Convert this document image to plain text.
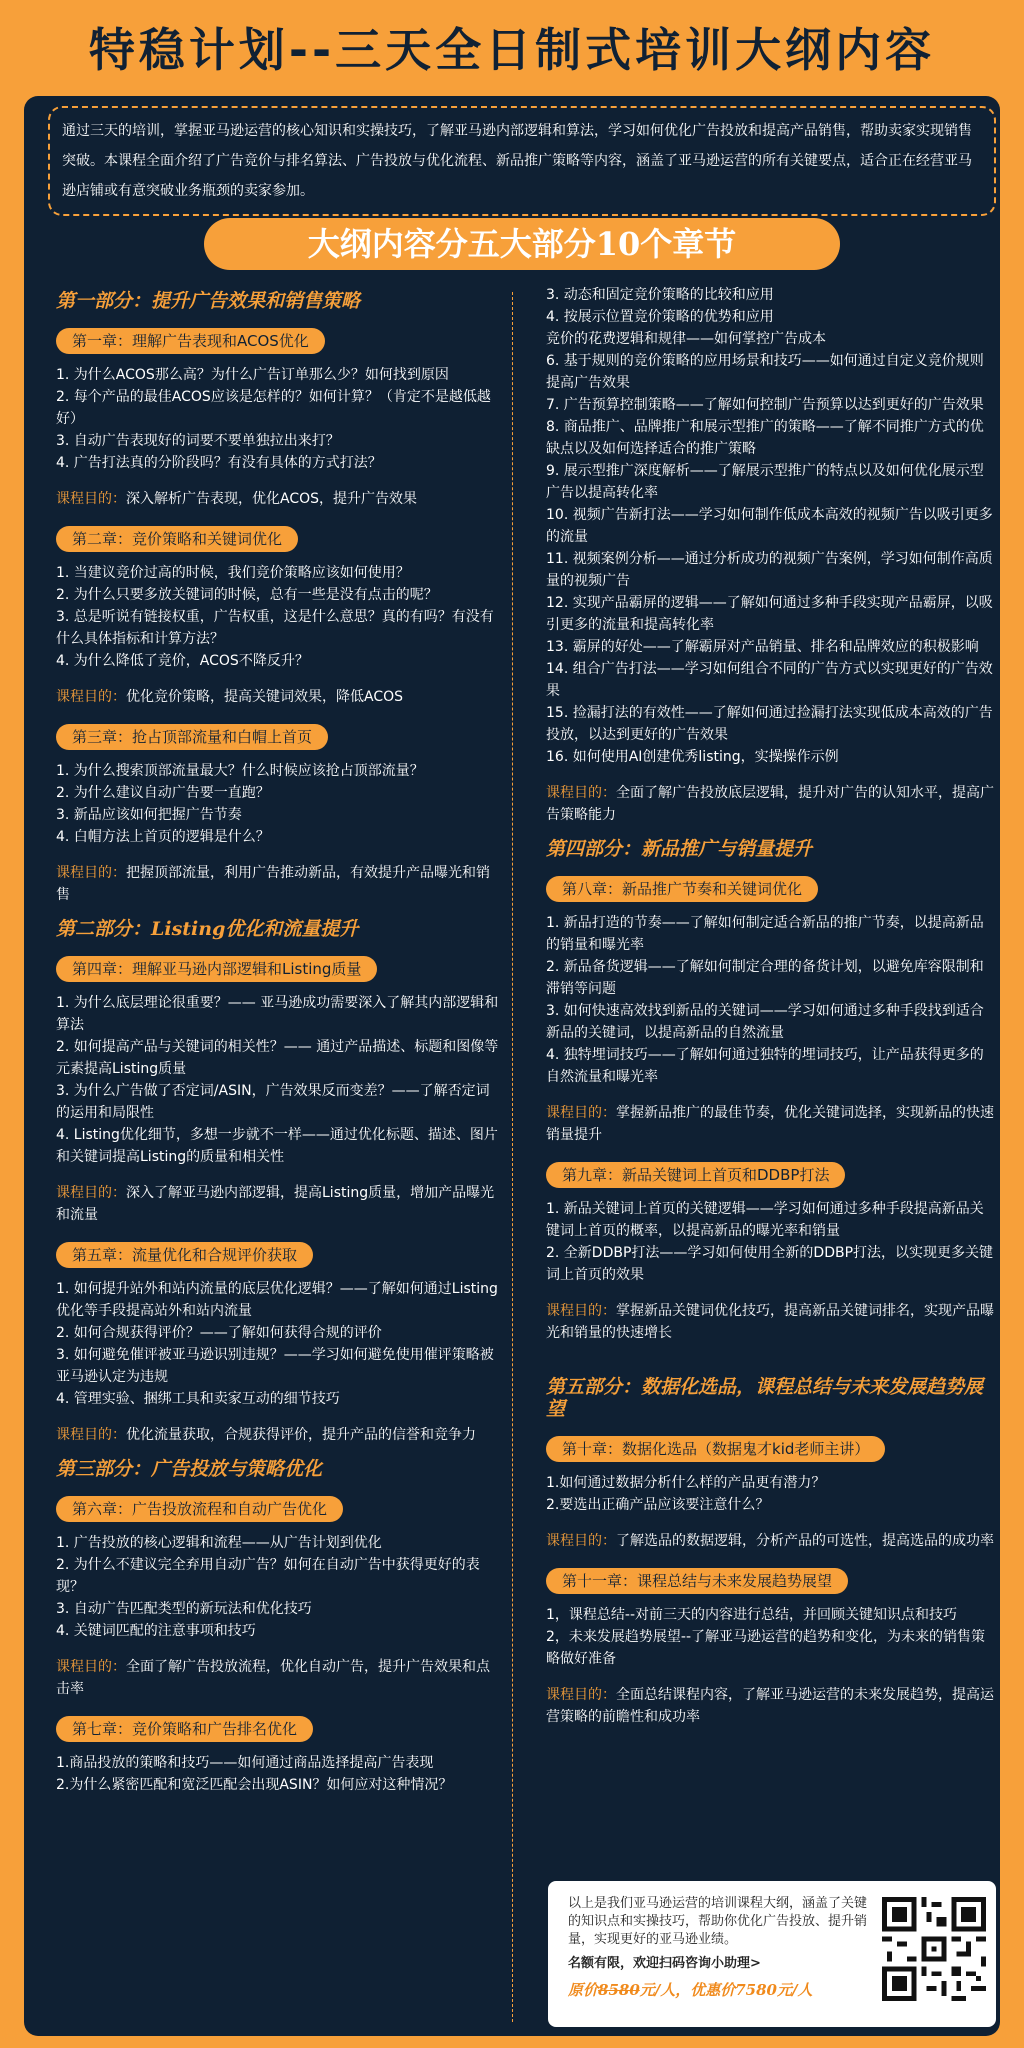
特稳计划--三天全日制式培训大纲内容
通过三天的培训，掌握亚马逊运营的核心知识和实操技巧，了解亚马逊内部逻辑和算法，学习如何优化广告投放和提高产品销售，帮助卖家实现销售突破。本课程全面介绍了广告竞价与排名算法、广告投放与优化流程、新品推广策略等内容，涵盖了亚马逊运营的所有关键要点，适合正在经营亚马逊店铺或有意突破业务瓶颈的卖家参加。
大纲内容分五大部分10个章节
第一部分：提升广告效果和销售策略
第一章：理解广告表现和ACOS优化
1. 为什么ACOS那么高？为什么广告订单那么少？如何找到原因
2. 每个产品的最佳ACOS应该是怎样的？如何计算？（肯定不是越低越好）
3. 自动广告表现好的词要不要单独拉出来打？
4. 广告打法真的分阶段吗？有没有具体的方式打法？
课程目的：深入解析广告表现，优化ACOS，提升广告效果
第二章：竞价策略和关键词优化
1. 当建议竞价过高的时候，我们竞价策略应该如何使用？
2. 为什么只要多放关键词的时候，总有一些是没有点击的呢？
3. 总是听说有链接权重，广告权重，这是什么意思？真的有吗？有没有什么具体指标和计算方法？
4. 为什么降低了竞价，ACOS不降反升？
课程目的：优化竞价策略，提高关键词效果，降低ACOS
第三章：抢占顶部流量和白帽上首页
1. 为什么搜索顶部流量最大？什么时候应该抢占顶部流量？
2. 为什么建议自动广告要一直跑？
3. 新品应该如何把握广告节奏
4. 白帽方法上首页的逻辑是什么？
课程目的：把握顶部流量，利用广告推动新品，有效提升产品曝光和销售
第二部分：Listing优化和流量提升
第四章：理解亚马逊内部逻辑和Listing质量
1. 为什么底层理论很重要？—— 亚马逊成功需要深入了解其内部逻辑和算法
2. 如何提高产品与关键词的相关性？—— 通过产品描述、标题和图像等元素提高Listing质量
3. 为什么广告做了否定词/ASIN，广告效果反而变差？——了解否定词的运用和局限性
4. Listing优化细节，多想一步就不一样——通过优化标题、描述、图片和关键词提高Listing的质量和相关性
课程目的：深入了解亚马逊内部逻辑，提高Listing质量，增加产品曝光和流量
第五章：流量优化和合规评价获取
1. 如何提升站外和站内流量的底层优化逻辑？——了解如何通过Listing优化等手段提高站外和站内流量
2. 如何合规获得评价？——了解如何获得合规的评价
3. 如何避免催评被亚马逊识别违规？——学习如何避免使用催评策略被亚马逊认定为违规
4. 管理实验、捆绑工具和卖家互动的细节技巧
课程目的：优化流量获取，合规获得评价，提升产品的信誉和竞争力
第三部分：广告投放与策略优化
第六章：广告投放流程和自动广告优化
1. 广告投放的核心逻辑和流程——从广告计划到优化
2. 为什么不建议完全弃用自动广告？如何在自动广告中获得更好的表现？
3. 自动广告匹配类型的新玩法和优化技巧
4. 关键词匹配的注意事项和技巧
课程目的：全面了解广告投放流程，优化自动广告，提升广告效果和点击率
第七章：竞价策略和广告排名优化
1.商品投放的策略和技巧——如何通过商品选择提高广告表现
2.为什么紧密匹配和宽泛匹配会出现ASIN？如何应对这种情况？
3. 动态和固定竞价策略的比较和应用
4. 按展示位置竞价策略的优势和应用
竞价的花费逻辑和规律——如何掌控广告成本
6. 基于规则的竞价策略的应用场景和技巧——如何通过自定义竞价规则提高广告效果
7. 广告预算控制策略——了解如何控制广告预算以达到更好的广告效果
8. 商品推广、品牌推广和展示型推广的策略——了解不同推广方式的优缺点以及如何选择适合的推广策略
9. 展示型推广深度解析——了解展示型推广的特点以及如何优化展示型广告以提高转化率
10. 视频广告新打法——学习如何制作低成本高效的视频广告以吸引更多的流量
11. 视频案例分析——通过分析成功的视频广告案例，学习如何制作高质量的视频广告
12. 实现产品霸屏的逻辑——了解如何通过多种手段实现产品霸屏，以吸引更多的流量和提高转化率
13. 霸屏的好处——了解霸屏对产品销量、排名和品牌效应的积极影响
14. 组合广告打法——学习如何组合不同的广告方式以实现更好的广告效果
15. 捡漏打法的有效性——了解如何通过捡漏打法实现低成本高效的广告投放，以达到更好的广告效果
16. 如何使用AI创建优秀listing，实操操作示例
课程目的：全面了解广告投放底层逻辑，提升对广告的认知水平，提高广告策略能力
第四部分：新品推广与销量提升
第八章：新品推广节奏和关键词优化
1. 新品打造的节奏——了解如何制定适合新品的推广节奏，以提高新品的销量和曝光率
2. 新品备货逻辑——了解如何制定合理的备货计划，以避免库容限制和滞销等问题
3. 如何快速高效找到新品的关键词——学习如何通过多种手段找到适合新品的关键词，以提高新品的自然流量
4. 独特埋词技巧——了解如何通过独特的埋词技巧，让产品获得更多的自然流量和曝光率
课程目的：掌握新品推广的最佳节奏，优化关键词选择，实现新品的快速销量提升
第九章：新品关键词上首页和DDBP打法
1. 新品关键词上首页的关键逻辑——学习如何通过多种手段提高新品关键词上首页的概率，以提高新品的曝光率和销量
2. 全新DDBP打法——学习如何使用全新的DDBP打法，以实现更多关键词上首页的效果
课程目的：掌握新品关键词优化技巧，提高新品关键词排名，实现产品曝光和销量的快速增长
第五部分：数据化选品，课程总结与未来发展趋势展望
第十章：数据化选品（数据鬼才kid老师主讲）
1.如何通过数据分析什么样的产品更有潜力？
2.要选出正确产品应该要注意什么？
课程目的：了解选品的数据逻辑，分析产品的可选性，提高选品的成功率
第十一章：课程总结与未来发展趋势展望
1，课程总结--对前三天的内容进行总结，并回顾关键知识点和技巧
2，未来发展趋势展望--了解亚马逊运营的趋势和变化，为未来的销售策略做好准备
课程目的：全面总结课程内容，了解亚马逊运营的未来发展趋势，提高运营策略的前瞻性和成功率
以上是我们亚马逊运营的培训课程大纲，涵盖了关键的知识点和实操技巧，帮助你优化广告投放、提升销量，实现更好的亚马逊业绩。
名额有限，欢迎扫码咨询小助理>
原价8580元/人，优惠价7580元/人
